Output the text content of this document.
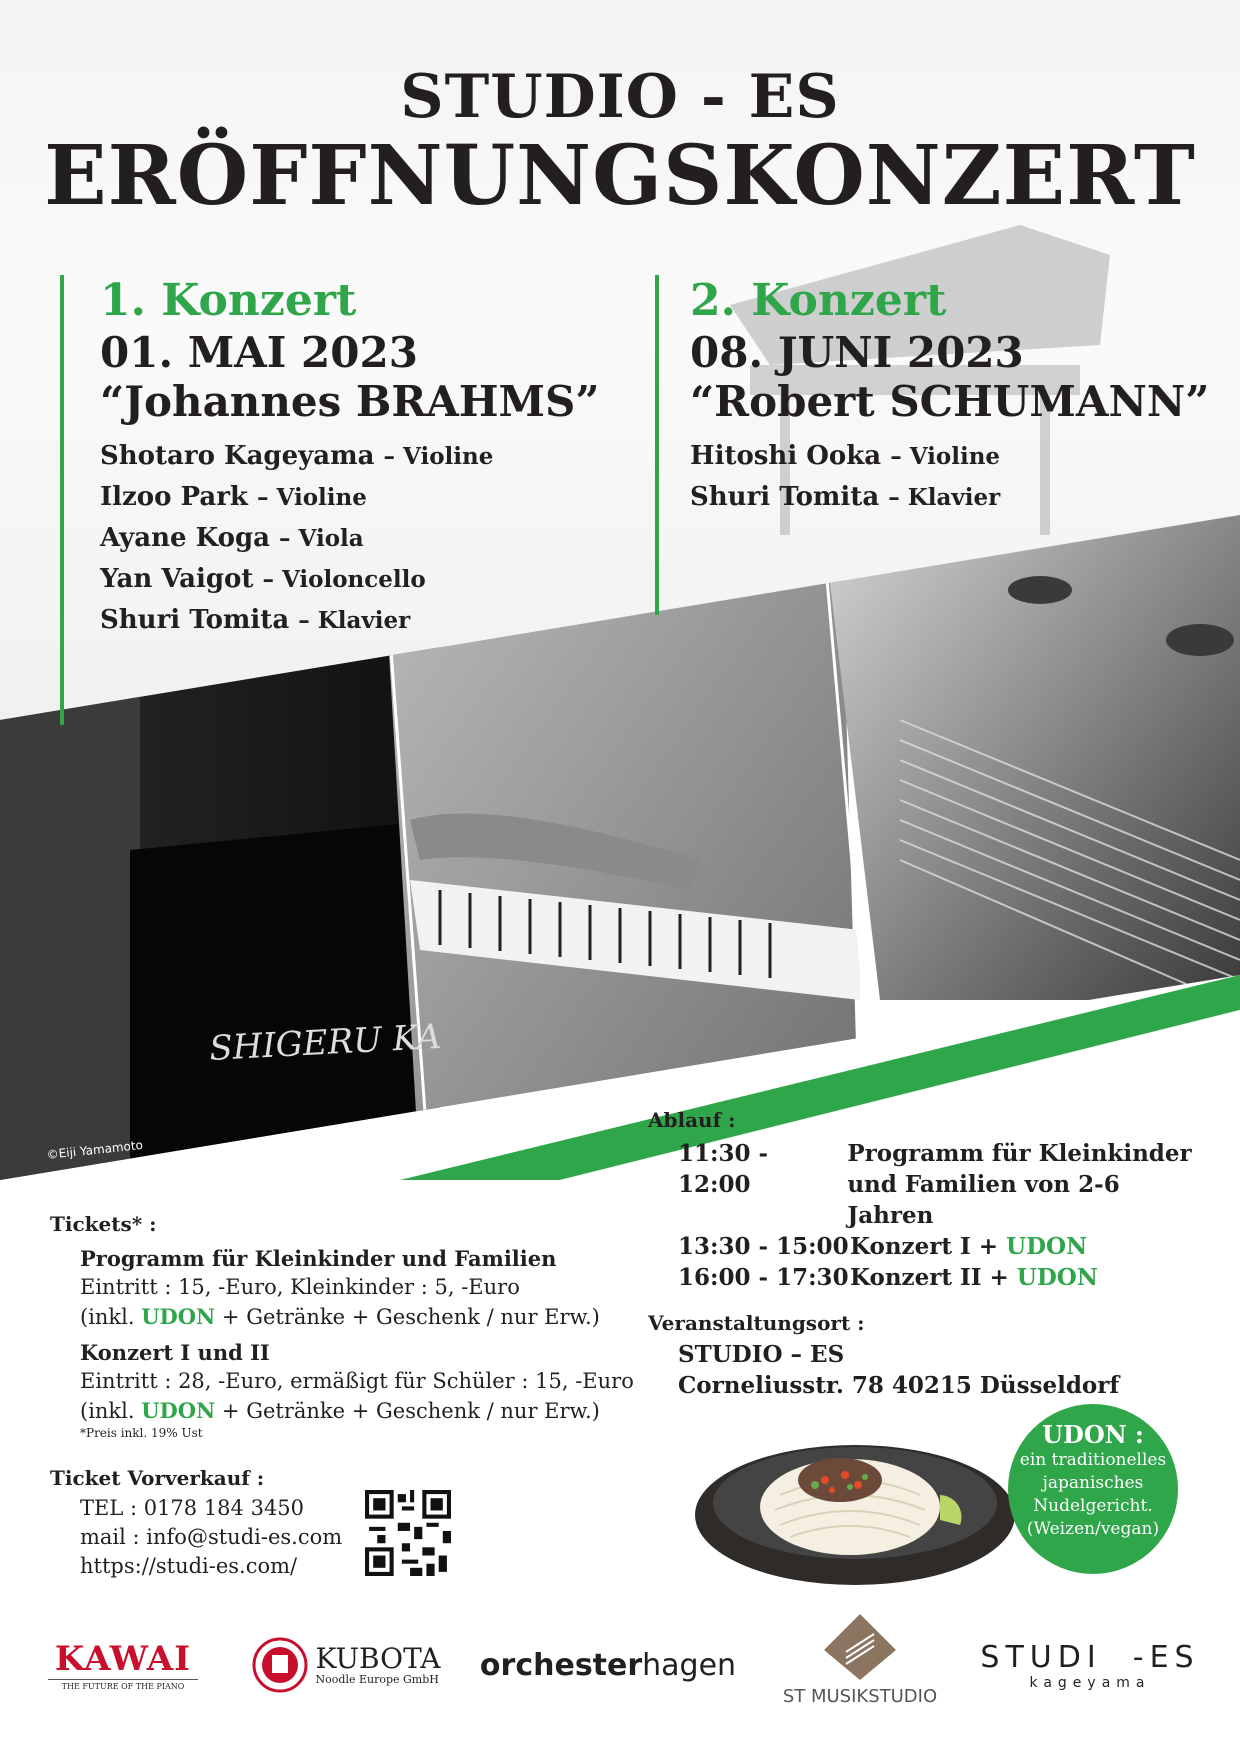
SHIGERU KA
©Eiji Yamamoto
STUDIO - ES
ERÖFFNUNGSKONZERT
1. Konzert
01. MAI 2023
“Johannes BRAHMS”
Shotaro Kageyama – Violine
Ilzoo Park – Violine
Ayane Koga – Viola
Yan Vaigot – Violoncello
Shuri Tomita – Klavier
2. Konzert
08. JUNI 2023
“Robert SCHUMANN”
Hitoshi Ooka – Violine
Shuri Tomita – Klavier
Tickets* :
Programm für Kleinkinder und Familien
Eintritt : 15, -Euro, Kleinkinder : 5, -Euro
(inkl. UDON + Getränke + Geschenk / nur Erw.)
Konzert I und II
Eintritt : 28, -Euro, ermäßigt für Schüler : 15, -Euro
(inkl. UDON + Getränke + Geschenk / nur Erw.)
*Preis inkl. 19% Ust
Ticket Vorverkauf :
TEL : 0178 184 3450
mail : info@studi-es.com
https://studi-es.com/
Ablauf :
11:30 - 12:00
Programm für Kleinkinder
und Familien von 2-6 Jahren
13:30 - 15:00 Konzert I + UDON
16:00 - 17:30 Konzert II + UDON
Veranstaltungsort :
STUDIO – ES
Corneliusstr. 78 40215 Düsseldorf
UDON :
ein traditionelles
japanisches
Nudelgericht.
(Weizen/vegan)
KAWAI
THE FUTURE OF THE PIANO
KUBOTA
Noodle Europe GmbH orchester hagen
ST MUSIKSTUDIO
STUDI  -ES
kageyama
